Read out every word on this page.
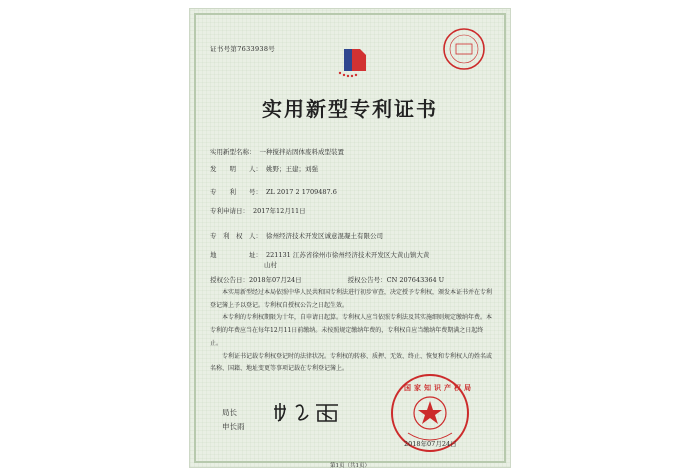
证书号第7633938号
实用新型专利证书
实用新型名称： 一种搅拌站固体废料成型装置
发　　明　　人： 姚野；王建；刘强
专　　利　　号： ZL 2017 2 1709487.6
专利申请日： 2017年12月11日
专　利　权　人： 徐州经济技术开发区诚意混凝土有限公司
地　　　　　址： 221131 江苏省徐州市徐州经济技术开发区大黄山镇大黄
山村
授权公告日：2018年07月24日	授权公告号：CN 207643364 U

本实用新型经过本局依照中华人民共和国专利法进行初步审查，决定授予专利权，颁发本证书并在专利登记簿上予以登记。专利权自授权公告之日起生效。

本专利的专利权期限为十年，自申请日起算。专利权人应当依照专利法及其实施细则规定缴纳年费。本专利的年费应当在每年12月11日前缴纳。未按照规定缴纳年费的，专利权自应当缴纳年费期满之日起终止。

专利证书记载专利权登记时的法律状况。专利权的转移、质押、无效、终止、恢复和专利权人的姓名或名称、国籍、地址变更等事项记载在专利登记簿上。

局长
申长雨
国家知识产权局
2018年07月24日
第1页（共1页）
